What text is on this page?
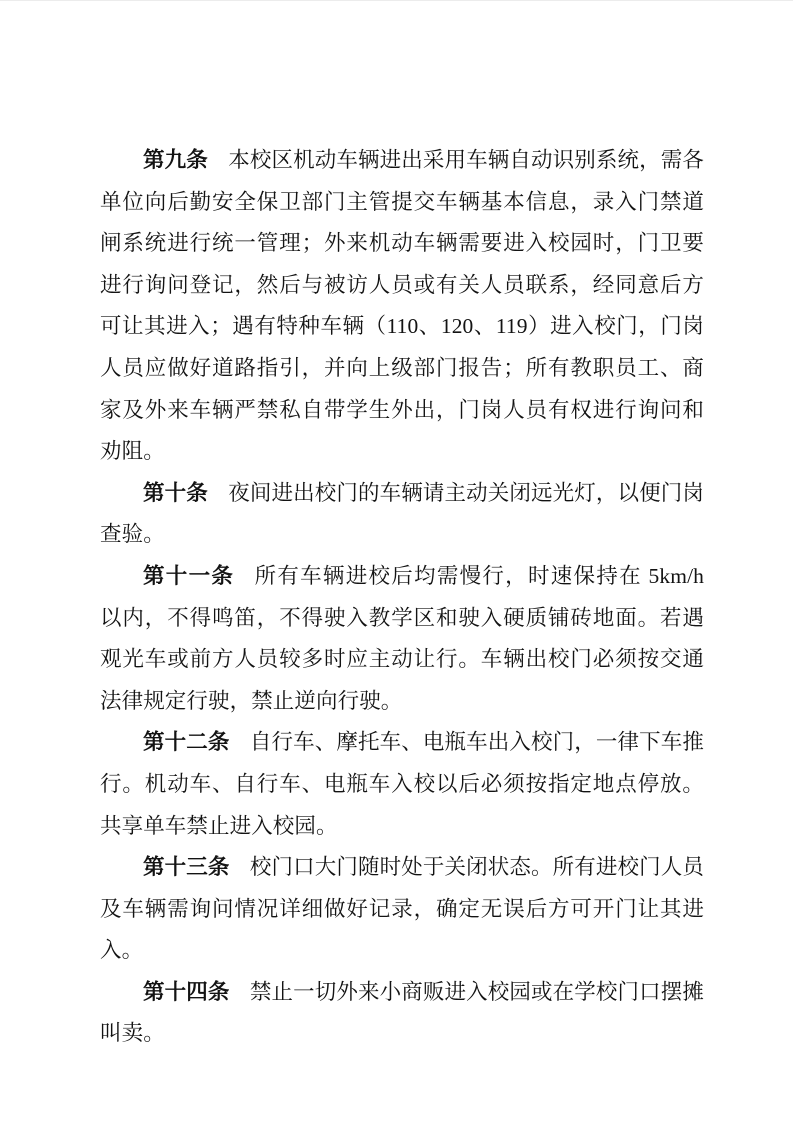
第九条 本校区机动车辆进出采用车辆自动识别系统，需各单位向后勤安全保卫部门主管提交车辆基本信息，录入门禁道闸系统进行统一管理；外来机动车辆需要进入校园时，门卫要进行询问登记，然后与被访人员或有关人员联系，经同意后方可让其进入；遇有特种车辆（110、120、119）进入校门，门岗人员应做好道路指引，并向上级部门报告；所有教职员工、商家及外来车辆严禁私自带学生外出，门岗人员有权进行询问和劝阻。

第十条 夜间进出校门的车辆请主动关闭远光灯，以便门岗查验。

第十一条 所有车辆进校后均需慢行，时速保持在 5km/h 以内，不得鸣笛，不得驶入教学区和驶入硬质铺砖地面。若遇观光车或前方人员较多时应主动让行。车辆出校门必须按交通法律规定行驶，禁止逆向行驶。

第十二条 自行车、摩托车、电瓶车出入校门，一律下车推行。机动车、自行车、电瓶车入校以后必须按指定地点停放。共享单车禁止进入校园。

第十三条 校门口大门随时处于关闭状态。所有进校门人员及车辆需询问情况详细做好记录，确定无误后方可开门让其进入。

第十四条 禁止一切外来小商贩进入校园或在学校门口摆摊叫卖。
